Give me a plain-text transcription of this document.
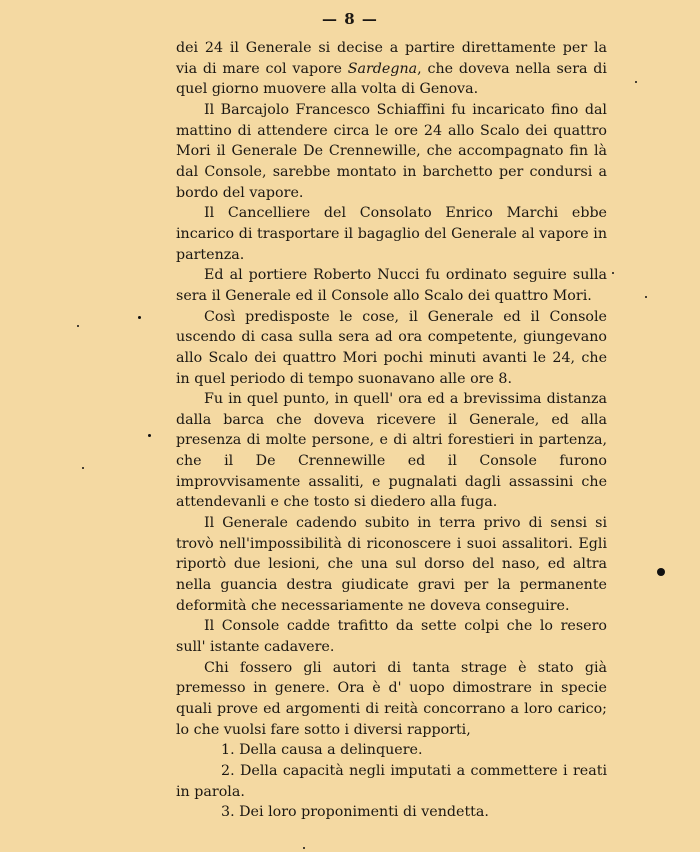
— 8 —

dei 24 il Generale si decise a partire direttamente per la via di mare col vapore Sardegna, che doveva nella sera di quel giorno muovere alla volta di Genova.

Il Barcajolo Francesco Schiaffini fu incaricato fino dal mattino di attendere circa le ore 24 allo Scalo dei quattro Mori il Generale De Crennewille, che accompagnato fin là dal Console, sarebbe montato in barchetto per condursi a bordo del vapore.

Il Cancelliere del Consolato Enrico Marchi ebbe incarico di trasportare il bagaglio del Generale al vapore in partenza.

Ed al portiere Roberto Nucci fu ordinato seguire sulla sera il Generale ed il Console allo Scalo dei quattro Mori.

Così predisposte le cose, il Generale ed il Console uscendo di casa sulla sera ad ora competente, giungevano allo Scalo dei quattro Mori pochi minuti avanti le 24, che in quel periodo di tempo suonavano alle ore 8.

Fu in quel punto, in quell' ora ed a brevissima distanza dalla barca che doveva ricevere il Generale, ed alla presenza di molte persone, e di altri forestieri in partenza, che il De Crennewille ed il Console furono improvvisamente assaliti, e pugnalati dagli assassini che attendevanli e che tosto si diedero alla fuga.

Il Generale cadendo subito in terra privo di sensi si trovò nell'impossibilità di riconoscere i suoi assalitori. Egli riportò due lesioni, che una sul dorso del naso, ed altra nella guancia destra giudicate gravi per la permanente deformità che necessariamente ne doveva conseguire.

Il Console cadde trafitto da sette colpi che lo resero sull' istante cadavere.

Chi fossero gli autori di tanta strage è stato già premesso in genere. Ora è d' uopo dimostrare in specie quali prove ed argomenti di reità concorrano a loro carico; lo che vuolsi fare sotto i diversi rapporti,

1. Della causa a delinquere.

2. Della capacità negli imputati a commettere i reati in parola.

3. Dei loro proponimenti di vendetta.
